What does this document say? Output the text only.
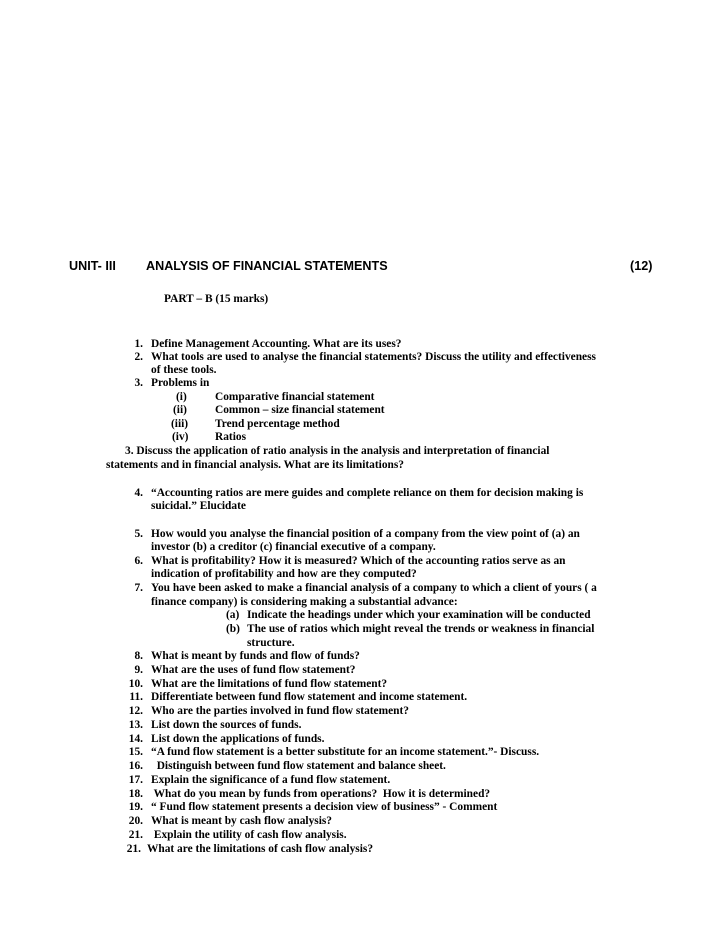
UNIT- III ANALYSIS OF FINANCIAL STATEMENTS	(12)
PART – B (15 marks)
1. Define Management Accounting. What are its uses?
2. What tools are used to analyse the financial statements? Discuss the utility and effectiveness
of these tools.
3. Problems in
(i) Comparative financial statement
(ii) Common – size financial statement
(iii) Trend percentage method
(iv) Ratios
3. Discuss the application of ratio analysis in the analysis and interpretation of financial
statements and in financial analysis. What are its limitations?
4. “Accounting ratios are mere guides and complete reliance on them for decision making is
suicidal.” Elucidate
5. How would you analyse the financial position of a company from the view point of (a) an
investor (b) a creditor (c) financial executive of a company.
6. What is profitability? How it is measured? Which of the accounting ratios serve as an
indication of profitability and how are they computed?
7. You have been asked to make a financial analysis of a company to which a client of yours ( a
finance company) is considering making a substantial advance:
(a) Indicate the headings under which your examination will be conducted
(b) The use of ratios which might reveal the trends or weakness in financial
structure.
8. What is meant by funds and flow of funds?
9. What are the uses of fund flow statement?
10. What are the limitations of fund flow statement?
11. Differentiate between fund flow statement and income statement.
12. Who are the parties involved in fund flow statement?
13. List down the sources of funds.
14. List down the applications of funds.
15. “A fund flow statement is a better substitute for an income statement.”- Discuss.
16. Distinguish between fund flow statement and balance sheet.
17. Explain the significance of a fund flow statement.
18. What do you mean by funds from operations?  How it is determined?
19. “ Fund flow statement presents a decision view of business” - Comment
20. What is meant by cash flow analysis?
21. Explain the utility of cash flow analysis.
21. What are the limitations of cash flow analysis?
